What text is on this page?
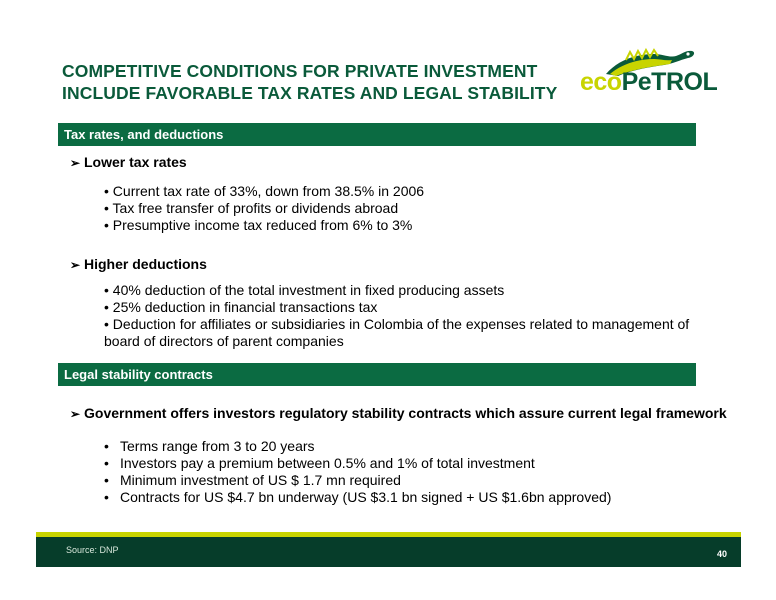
COMPETITIVE CONDITIONS FOR PRIVATE INVESTMENT
INCLUDE FAVORABLE TAX RATES AND LEGAL STABILITY ecoPeTROL
Tax rates, and deductions
➢ Lower tax rates
• Current tax rate of 33%, down from 38.5% in 2006
• Tax free transfer of profits or dividends abroad
• Presumptive income tax reduced from 6% to 3%
➢ Higher deductions
• 40% deduction of the total investment in fixed producing assets
• 25% deduction in financial transactions tax
• Deduction for affiliates or subsidiaries in Colombia of the expenses related to management of board of directors of parent companies
Legal stability contracts
➢ Government offers investors regulatory stability contracts which assure current legal framework
• Terms range from 3 to 20 years
• Investors pay a premium between 0.5% and 1% of total investment
• Minimum investment of US $ 1.7 mn required
• Contracts for US $4.7 bn underway (US $3.1 bn signed + US $1.6bn approved)
Source: DNP	40
